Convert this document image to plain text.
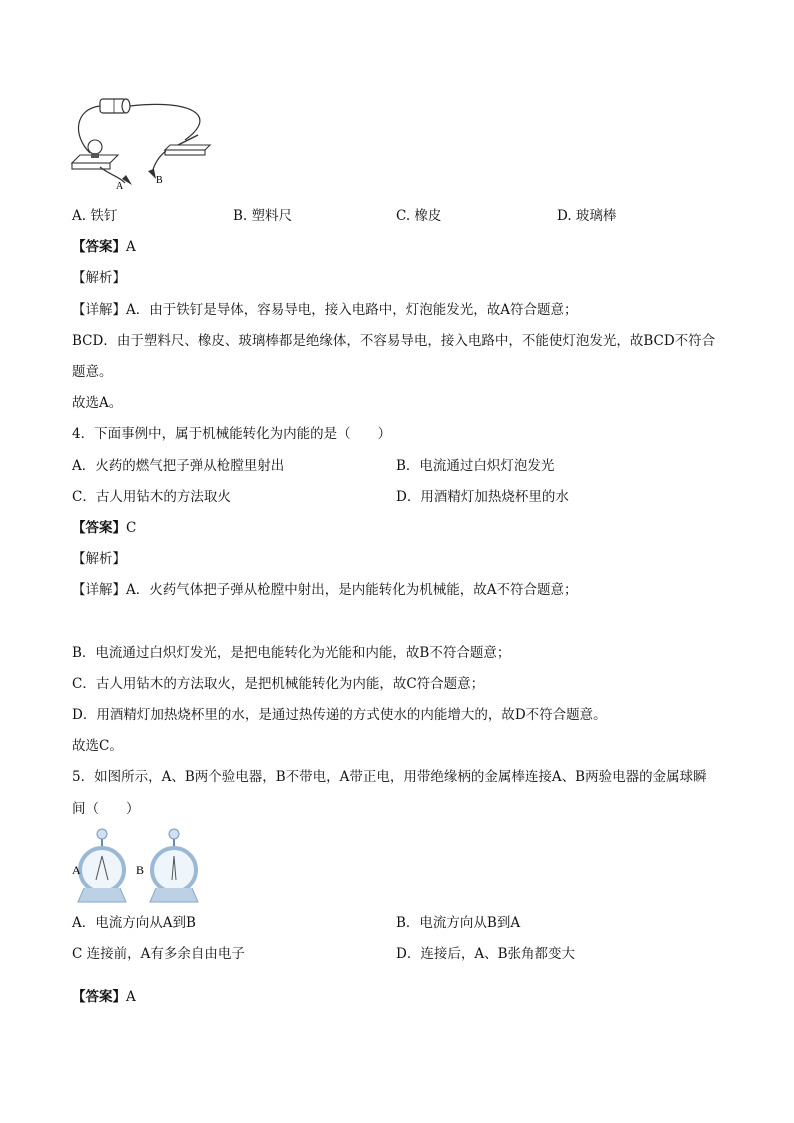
A
B
A. 铁钉	B. 塑料尺	C. 橡皮	D. 玻璃棒
【答案】A
【解析】
【详解】A．由于铁钉是导体，容易导电，接入电路中，灯泡能发光，故A符合题意；
BCD．由于塑料尺、橡皮、玻璃棒都是绝缘体，不容易导电，接入电路中，不能使灯泡发光，故BCD不符合
题意。
故选A。
4．下面事例中，属于机械能转化为内能的是（　　）
A．火药的燃气把子弹从枪膛里射出	B．电流通过白炽灯泡发光
C．古人用钻木的方法取火	D．用酒精灯加热烧杯里的水
【答案】C
【解析】
【详解】A．火药气体把子弹从枪膛中射出，是内能转化为机械能，故A不符合题意；
B．电流通过白炽灯发光，是把电能转化为光能和内能，故B不符合题意；
C．古人用钻木的方法取火，是把机械能转化为内能，故C符合题意；
D．用酒精灯加热烧杯里的水，是通过热传递的方式使水的内能增大的，故D不符合题意。
故选C。
5．如图所示，A、B两个验电器，B不带电，A带正电，用带绝缘柄的金属棒连接A、B两验电器的金属球瞬
间（　　）
A	B
A．电流方向从A到B	B．电流方向从B到A
C 连接前，A有多余自由电子	D．连接后，A、B张角都变大
【答案】A
